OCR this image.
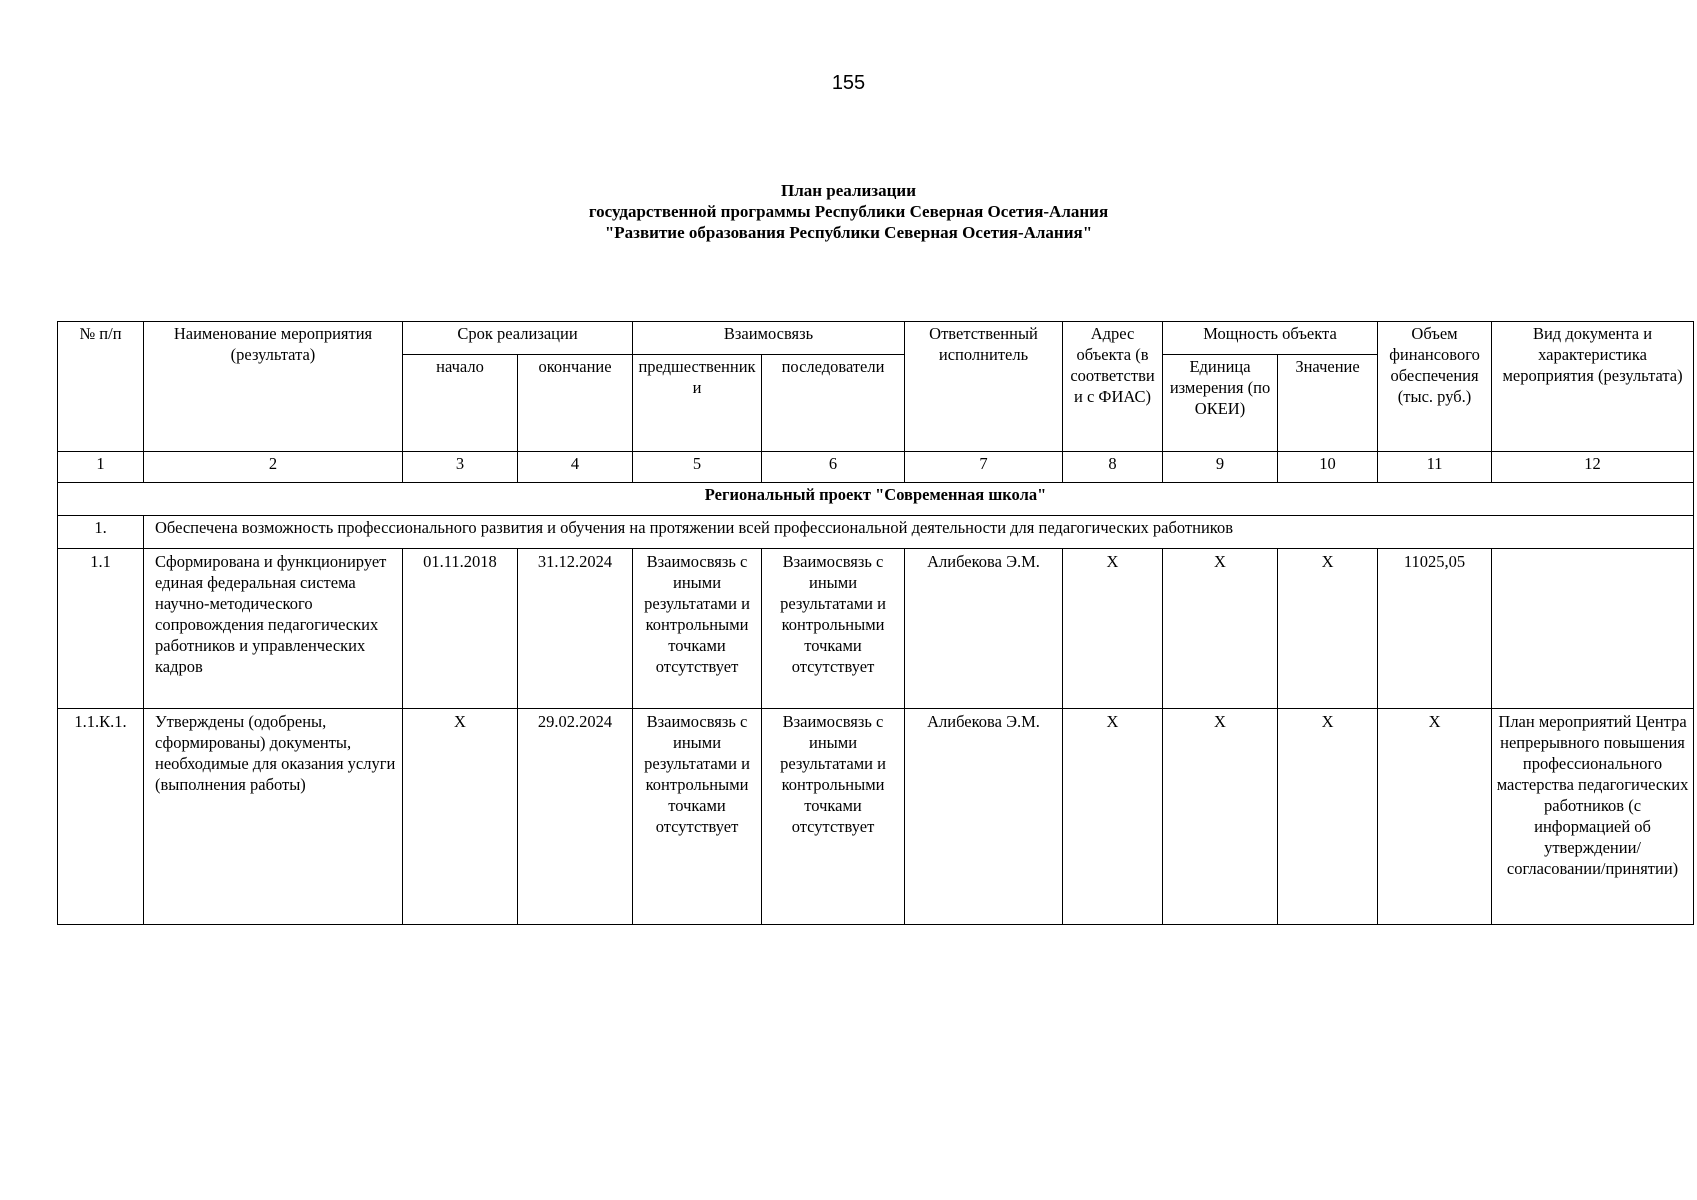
155
План реализации
государственной программы Республики Северная Осетия-Алания
"Развитие образования Республики Северная Осетия-Алания"
№ п/п	Наименование мероприятия (результата)	Срок реализации		Взаимосвязь		Ответственный исполнитель	Адрес объекта (в соответствии с ФИАС)	Мощность объекта		Объем финансового обеспечения (тыс. руб.)	Вид документа и характеристика мероприятия (результата)
		начало	окончание	предшественники	последователи			Единица измерения (по ОКЕИ)	Значение		
1	2	3	4	5	6	7	8	9	10	11	12
Региональный проект "Современная школа"											
1.	Обеспечена возможность профессионального развития и обучения на протяжении всей профессиональной деятельности для педагогических работников										
1.1	Сформирована и функционирует единая федеральная система научно-методического сопровождения педагогических работников и управленческих кадров	01.11.2018	31.12.2024	Взаимосвязь с иными результатами и контрольными точками отсутствует	Взаимосвязь с иными результатами и контрольными точками отсутствует	Алибекова Э.М.	Х	Х	Х	11025,05	
1.1.К.1.	Утверждены (одобрены, сформированы) документы, необходимые для оказания услуги (выполнения работы)	Х	29.02.2024	Взаимосвязь с иными результатами и контрольными точками отсутствует	Взаимосвязь с иными результатами и контрольными точками отсутствует	Алибекова Э.М.	Х	Х	Х	Х	План мероприятий Центра непрерывного повышения профессионального мастерства педагогических работников (с информацией об утверждении/согласовании/принятии)
